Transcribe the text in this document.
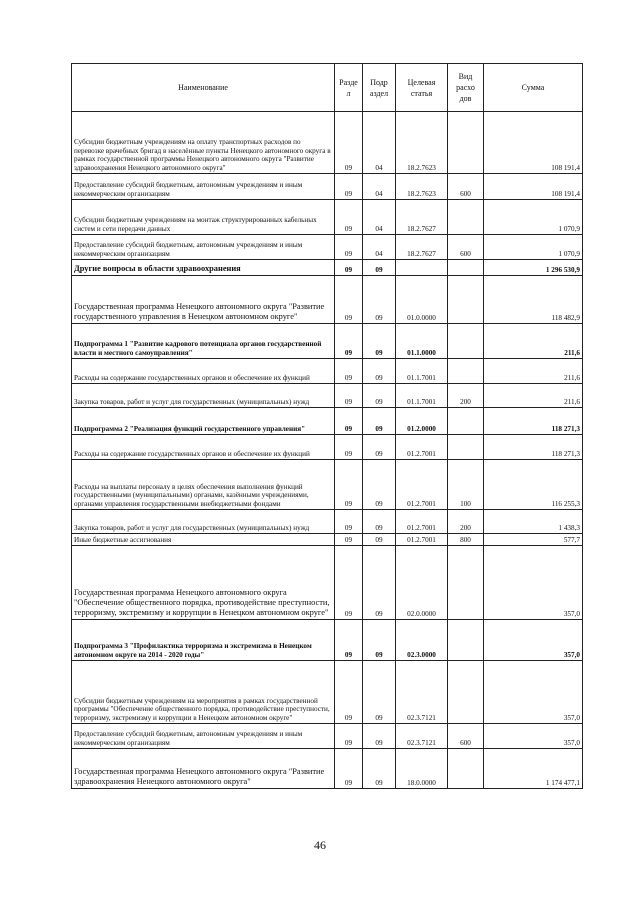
Наименование	Разде л	Подр аздел	Целевая статья	Вид расхо дов	Сумма
Субсидии бюджетным учреждениям на оплату транспортных расходов по перевозке врачебных бригад в населённые пункты Ненецкого автономного округа в рамках государственной программы Ненецкого автономного округа "Развитие здравоохранения Ненецкого автономного округа"	09	04	18.2.7623		108 191,4
Предоставление субсидий бюджетным, автономным учреждениям и иным некоммерческим организациям	09	04	18.2.7623	600	108 191,4
Субсидии бюджетным учреждениям на монтаж структурированных кабельных систем и сети передачи данных	09	04	18.2.7627		1 070,9
Предоставление субсидий бюджетным, автономным учреждениям и иным некоммерческим организациям	09	04	18.2.7627	600	1 070,9
Другие вопросы в области здравоохранения	09	09			1 296 530,9
Государственная программа Ненецкого автономного округа "Развитие государственного управления в Ненецком автономном округе"	09	09	01.0.0000		118 482,9
Подпрограмма 1 "Развитие кадрового потенциала органов государственной власти и местного самоуправления"	09	09	01.1.0000		211,6
Расходы на содержание государственных органов и обеспечение их функций	09	09	01.1.7001		211,6
Закупка товаров, работ и услуг для государственных (муниципальных) нужд	09	09	01.1.7001	200	211,6
Подпрограмма 2 "Реализация функций государственного управления"	09	09	01.2.0000		118 271,3
Расходы на содержание государственных органов и обеспечение их функций	09	09	01.2.7001		118 271,3
Расходы на выплаты персоналу в целях обеспечения выполнения функций государственными (муниципальными) органами, казёнными учреждениями, органами управления государственными внебюджетными фондами	09	09	01.2.7001	100	116 255,3
Закупка товаров, работ и услуг для государственных (муниципальных) нужд	09	09	01.2.7001	200	1 438,3
Иные бюджетные ассигнования	09	09	01.2.7001	800	577,7
Государственная программа Ненецкого автономного округа "Обеспечение общественного порядка, противодействие преступности, терроризму, экстремизму и коррупции в Ненецком автономном округе"	09	09	02.0.0000		357,0
Подпрограмма 3 "Профилактика терроризма и экстремизма в Ненецком автономном округе на 2014 - 2020 годы"	09	09	02.3.0000		357,0
Субсидии бюджетным учреждениям на мероприятия в рамках государственной программы "Обеспечение общественного порядка, противодействие преступности, терроризму, экстремизму и коррупции в Ненецком автономном округе"	09	09	02.3.7121		357,0
Предоставление субсидий бюджетным, автономным учреждениям и иным некоммерческим организациям	09	09	02.3.7121	600	357,0
Государственная программа Ненецкого автономного округа "Развитие здравоохранения Ненецкого автономного округа"	09	09	18.0.0000		1 174 477,1
46
